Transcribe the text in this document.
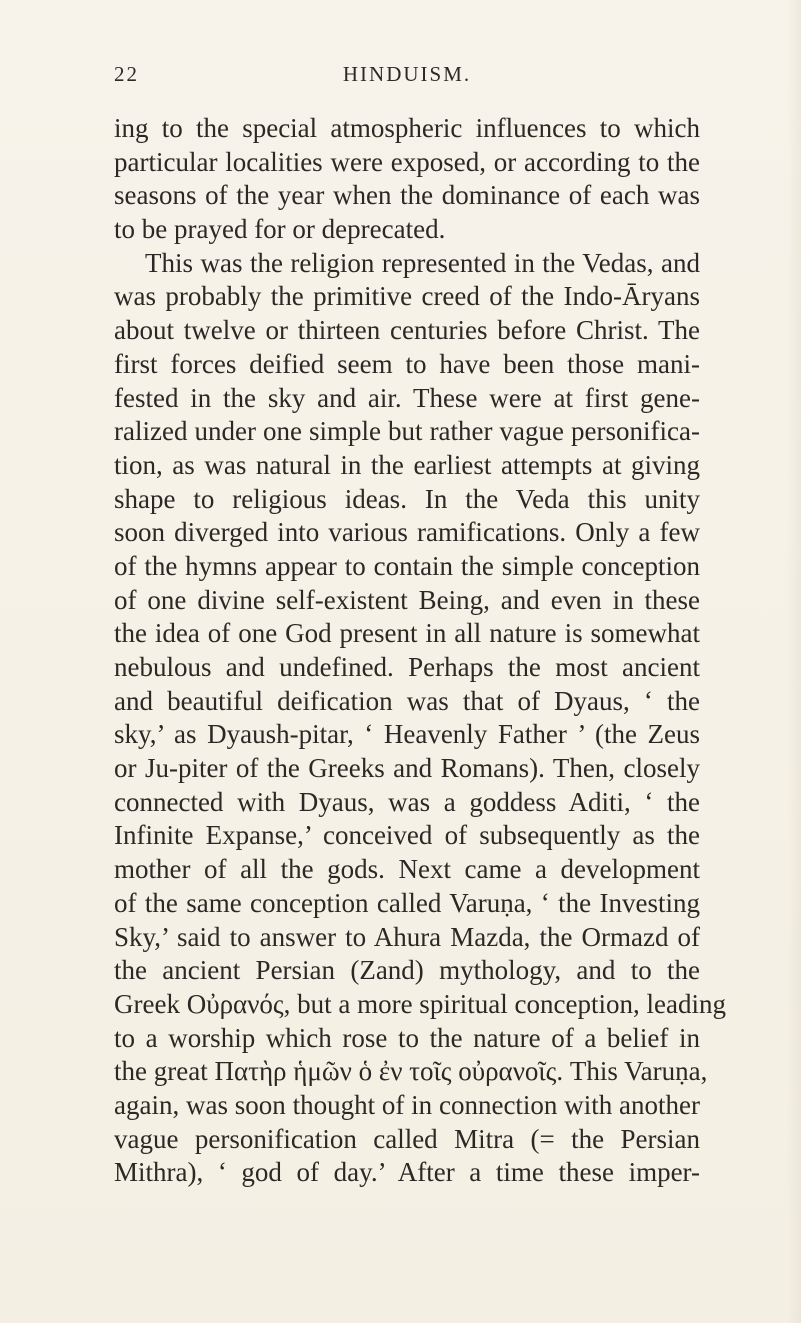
22	HINDUISM.
ing to the special atmospheric influences to which
particular localities were exposed, or according to the
seasons of the year when the dominance of each was
to be prayed for or deprecated.
This was the religion represented in the Vedas, and
was probably the primitive creed of the Indo-Āryans
about twelve or thirteen centuries before Christ. The
first forces deified seem to have been those mani-
fested in the sky and air. These were at first gene-
ralized under one simple but rather vague personifica-
tion, as was natural in the earliest attempts at giving
shape to religious ideas. In the Veda this unity
soon diverged into various ramifications. Only a few
of the hymns appear to contain the simple conception
of one divine self-existent Being, and even in these
the idea of one God present in all nature is somewhat
nebulous and undefined. Perhaps the most ancient
and beautiful deification was that of Dyaus, ‘ the
sky,’ as Dyaush-pitar, ‘ Heavenly Father ’ (the Zeus
or Ju-piter of the Greeks and Romans). Then, closely
connected with Dyaus, was a goddess Aditi, ‘ the
Infinite Expanse,’ conceived of subsequently as the
mother of all the gods. Next came a development
of the same conception called Varuṇa, ‘ the Investing
Sky,’ said to answer to Ahura Mazda, the Ormazd of
the ancient Persian (Zand) mythology, and to the
Greek Οὐρανός, but a more spiritual conception, leading
to a worship which rose to the nature of a belief in
the great Πατὴρ ἡμῶν ὁ ἐν τοῖς οὐρανοῖς. This Varuṇa,
again, was soon thought of in connection with another
vague personification called Mitra (= the Persian
Mithra), ‘ god of day.’ After a time these imper-
